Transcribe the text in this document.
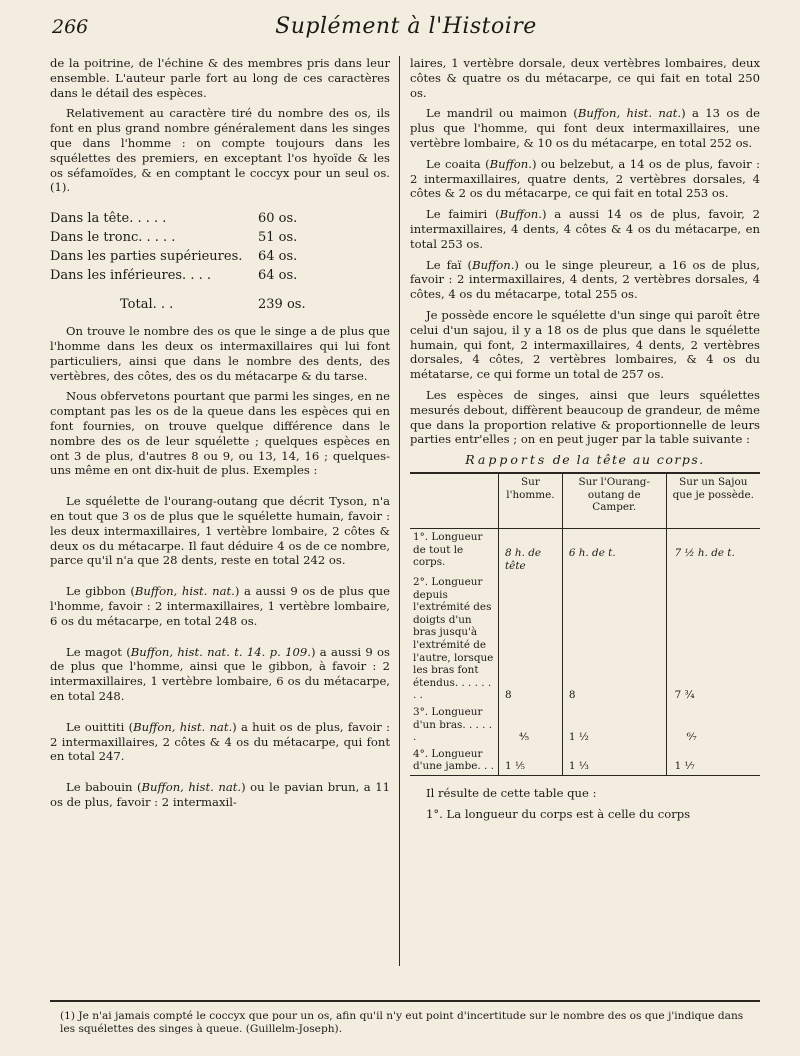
266	Suplément à l'Histoire

de la poitrine, de l'échine & des membres pris dans leur ensemble. L'auteur parle fort au long de ces caractères dans le détail des espèces.

Relativement au caractère tiré du nombre des os, ils font en plus grand nombre généralement dans les singes que dans l'homme : on compte toujours dans les squélettes des premiers, en exceptant l'os hyoïde & les os séfamoïdes, & en comptant le coccyx pour un seul os. (1).

Dans la tête. . . . .	60 os.
Dans le tronc. . . . .	51 os.
Dans les parties supérieures.	64 os.
Dans les inférieures. . . .	64 os.
Total. . .	239 os.

On trouve le nombre des os que le singe a de plus que l'homme dans les deux os intermaxillaires qui lui font particuliers, ainsi que dans le nombre des dents, des vertèbres, des côtes, des os du métacarpe & du tarse.

Nous obfervetons pourtant que parmi les singes, en ne comptant pas les os de la queue dans les espèces qui en font fournies, on trouve quelque différence dans le nombre des os de leur squélette ; quelques espèces en ont 3 de plus, d'autres 8 ou 9, ou 13, 14, 16 ; quelques-uns même en ont dix-huit de plus. Exemples :

Le squélette de l'ourang-outang que décrit Tyson, n'a en tout que 3 os de plus que le squélette humain, favoir : les deux intermaxillaires, 1 vertèbre lombaire, 2 côtes & deux os du métacarpe. Il faut déduire 4 os de ce nombre, parce qu'il n'a que 28 dents, reste en total 242 os.

Le gibbon (Buffon, hist. nat.) a aussi 9 os de plus que l'homme, favoir : 2 intermaxillaires, 1 vertèbre lombaire, 6 os du métacarpe, en total 248 os.

Le magot (Buffon, hist. nat. t. 14. p. 109.) a aussi 9 os de plus que l'homme, ainsi que le gibbon, à favoir : 2 intermaxillaires, 1 vertèbre lombaire, 6 os du métacarpe, en total 248.

Le ouittiti (Buffon, hist. nat.) a huit os de plus, favoir : 2 intermaxillaires, 2 côtes & 4 os du métacarpe, qui font en total 247.

Le babouin (Buffon, hist. nat.) ou le pavian brun, a 11 os de plus, favoir : 2 intermaxil-

laires, 1 vertèbre dorsale, deux vertèbres lombaires, deux côtes & quatre os du métacarpe, ce qui fait en total 250 os.

Le mandril ou maimon (Buffon, hist. nat.) a 13 os de plus que l'homme, qui font deux intermaxillaires, une vertèbre lombaire, & 10 os du métacarpe, en total 252 os.

Le coaita (Buffon.) ou belzebut, a 14 os de plus, favoir : 2 intermaxillaires, quatre dents, 2 vertèbres dorsales, 4 côtes & 2 os du métacarpe, ce qui fait en total 253 os.

Le faimiri (Buffon.) a aussi 14 os de plus, favoir, 2 intermaxillaires, 4 dents, 4 côtes & 4 os du métacarpe, en total 253 os.

Le faï (Buffon.) ou le singe pleureur, a 16 os de plus, favoir : 2 intermaxillaires, 4 dents, 2 vertèbres dorsales, 4 côtes, 4 os du métacarpe, total 255 os.

Je possède encore le squélette d'un singe qui paroît être celui d'un sajou, il y a 18 os de plus que dans le squélette humain, qui font, 2 intermaxillaires, 4 dents, 2 vertèbres dorsales, 4 côtes, 2 vertèbres lombaires, & 4 os du métatarse, ce qui forme un total de 257 os.

Les espèces de singes, ainsi que leurs squélettes mesurés debout, diffèrent beaucoup de grandeur, de même que dans la proportion relative & proportionnelle de leurs parties entr'elles ; on en peut juger par la table suivante :

Rapports de la tête au corps.

	Sur l'homme.	Sur l'Ourang-outang de Camper.	Sur un Sajou que je possède.
1°. Longueur de tout le corps.	8 h. de tête	6 h. de t.	7 ½ h. de t.
2°. Longueur depuis l'extrémité des doigts d'un bras jusqu'à l'extrémité de l'autre, lorsque les bras font étendus. . . . . . . .	8	8	7 ¾
3°. Longueur d'un bras. . . . . .	⁴⁄₅	1 ½	⁶⁄₇
4°. Longueur d'une jambe. . .	1 ⅕	1 ⅓	1 ⅐

Il résulte de cette table que :

1°. La longueur du corps est à celle du corps

(1) Je n'ai jamais compté le coccyx que pour un os, afin qu'il n'y eut point d'incertitude sur le nombre des os que j'indique dans les squélettes des singes à queue. (Guillelm-Joseph).
